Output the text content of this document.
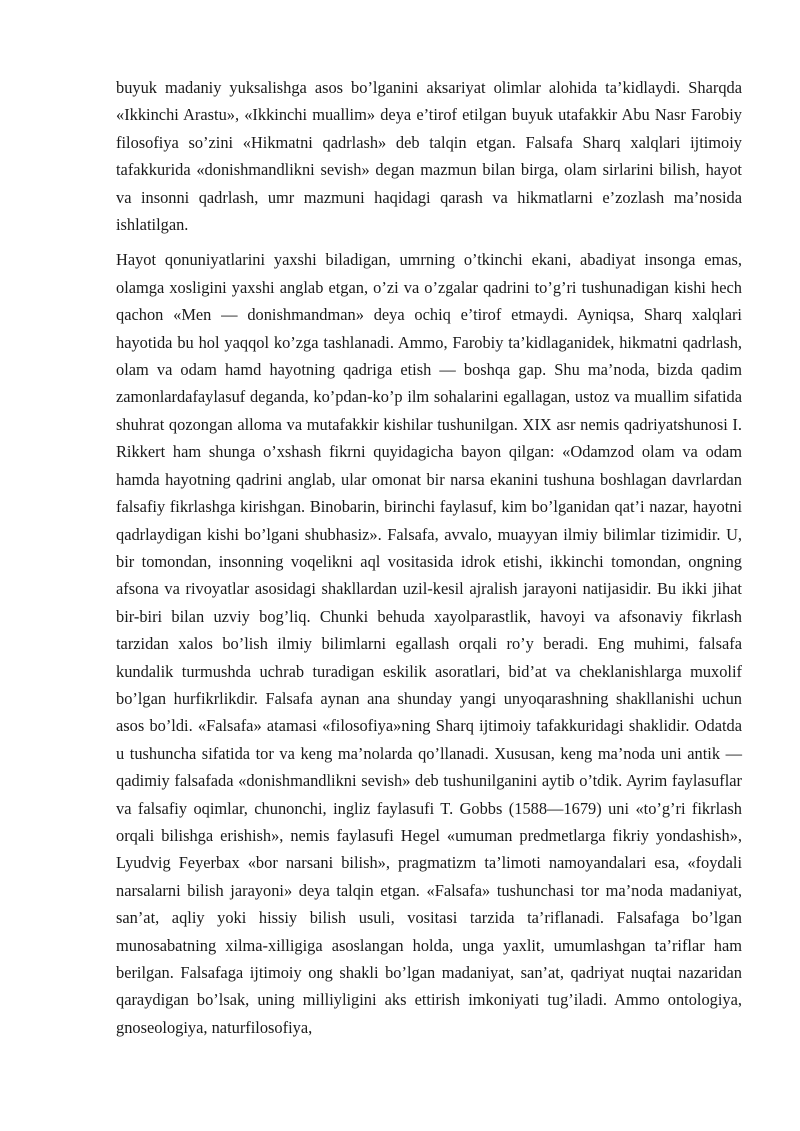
buyuk madaniy yuksalishga asos bo’lganini aksariyat olimlar alohida ta’kidlaydi. Sharqda «Ikkinchi Arastu», «Ikkinchi muallim» deya e’tirof etilgan buyuk utafakkir Abu Nasr Farobiy filosofiya so’zini «Hikmatni qadrlash» deb talqin etgan. Falsafa Sharq xalqlari ijtimoiy tafakkurida «donishmandlikni sevish» degan mazmun bilan birga, olam sirlarini bilish, hayot va insonni qadrlash, umr mazmuni haqidagi qarash va hikmatlarni e’zozlash ma’nosida ishlatilgan.

Hayot qonuniyatlarini yaxshi biladigan, umrning o’tkinchi ekani, abadiyat insonga emas, olamga xosligini yaxshi anglab etgan, o’zi va o’zgalar qadrini to’g’ri tushunadigan kishi hech qachon «Men — donishmandman» deya ochiq e’tirof etmaydi. Ayniqsa, Sharq xalqlari hayotida bu hol yaqqol ko’zga tashlanadi. Ammo, Farobiy ta’kidlaganidek, hikmatni qadrlash, olam va odam hamd hayotning qadriga etish — boshqa gap. Shu ma’noda, bizda qadim zamonlardafaylasuf deganda, ko’pdan-ko’p ilm sohalarini egallagan, ustoz va muallim sifatida shuhrat qozongan alloma va mutafakkir kishilar tushunilgan. XIX asr nemis qadriyatshunosi I. Rikkert ham shunga o’xshash fikrni quyidagicha bayon qilgan: «Odamzod olam va odam hamda hayotning qadrini anglab, ular omonat bir narsa ekanini tushuna boshlagan davrlardan falsafiy fikrlashga kirishgan. Binobarin, birinchi faylasuf, kim bo’lganidan qat’i nazar, hayotni qadrlaydigan kishi bo’lgani shubhasiz». Falsafa, avvalo, muayyan ilmiy bilimlar tizimidir. U, bir tomondan, insonning voqelikni aql vositasida idrok etishi, ikkinchi tomondan, ongning afsona va rivoyatlar asosidagi shakllardan uzil-kesil ajralish jarayoni natijasidir. Bu ikki jihat bir-biri bilan uzviy bog’liq. Chunki behuda xayolparastlik, havoyi va afsonaviy fikrlash tarzidan xalos bo’lish ilmiy bilimlarni egallash orqali ro’y beradi. Eng muhimi, falsafa kundalik turmushda uchrab turadigan eskilik asoratlari, bid’at va cheklanishlarga muxolif bo’lgan hurfikrlikdir. Falsafa aynan ana shunday yangi unyoqarashning shakllanishi uchun asos bo’ldi. «Falsafa» atamasi «filosofiya»ning Sharq ijtimoiy tafakkuridagi shaklidir. Odatda u tushuncha sifatida tor va keng ma’nolarda qo’llanadi. Xususan, keng ma’noda uni antik — qadimiy falsafada «donishmandlikni sevish» deb tushunilganini aytib o’tdik. Ayrim faylasuflar va falsafiy oqimlar, chunonchi, ingliz faylasufi T. Gobbs (1588—1679) uni «to’g’ri fikrlash orqali bilishga erishish», nemis faylasufi Hegel «umuman predmetlarga fikriy yondashish», Lyudvig Feyerbax «bor narsani bilish», pragmatizm ta’limoti namoyandalari esa, «foydali narsalarni bilish jarayoni» deya talqin etgan. «Falsafa» tushunchasi tor ma’noda madaniyat, san’at, aqliy yoki hissiy bilish usuli, vositasi tarzida ta’riflanadi. Falsafaga bo’lgan munosabatning xilma-xilligiga asoslangan holda, unga yaxlit, umumlashgan ta’riflar ham berilgan. Falsafaga ijtimoiy ong shakli bo’lgan madaniyat, san’at, qadriyat nuqtai nazaridan qaraydigan bo’lsak, uning milliyligini aks ettirish imkoniyati tug’iladi. Ammo ontologiya, gnoseologiya, naturfilosofiya,
